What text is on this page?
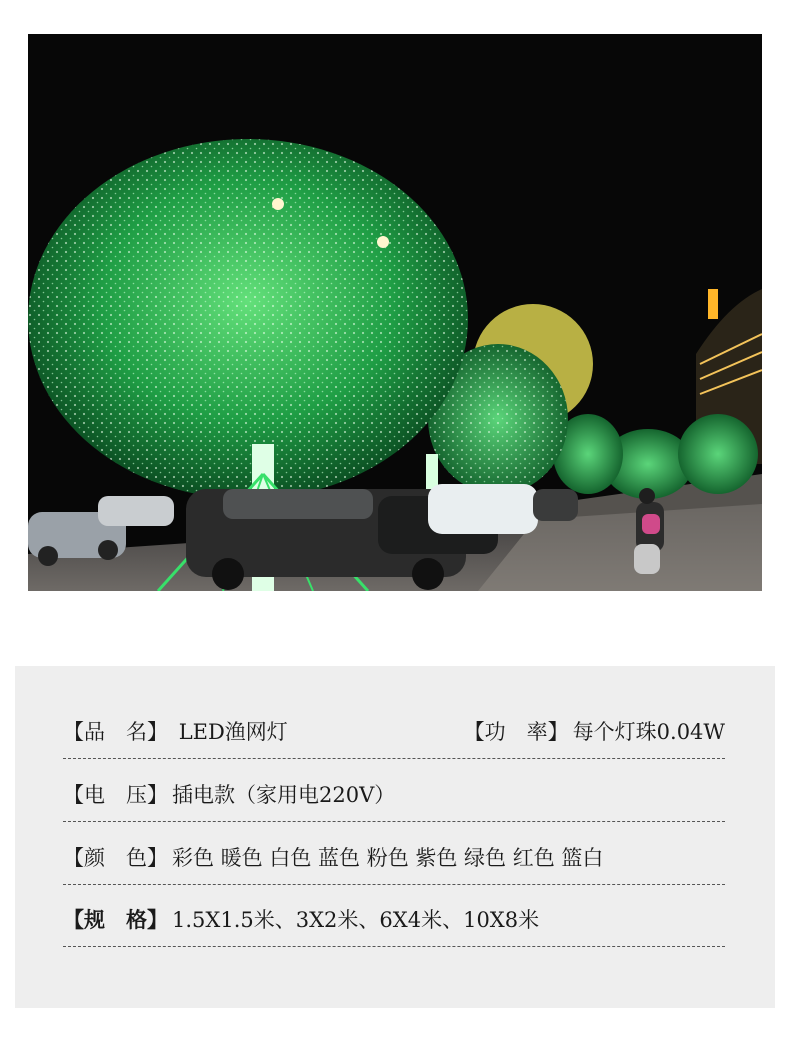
【品　名】 LED渔网灯	【功　率】 每个灯珠0.04W
【电　压】 插电款（家用电220V）
【颜　色】 彩色 暖色 白色 蓝色 粉色 紫色 绿色 红色 篮白
【规　格】 1.5X1.5米、3X2米、6X4米、10X8米
